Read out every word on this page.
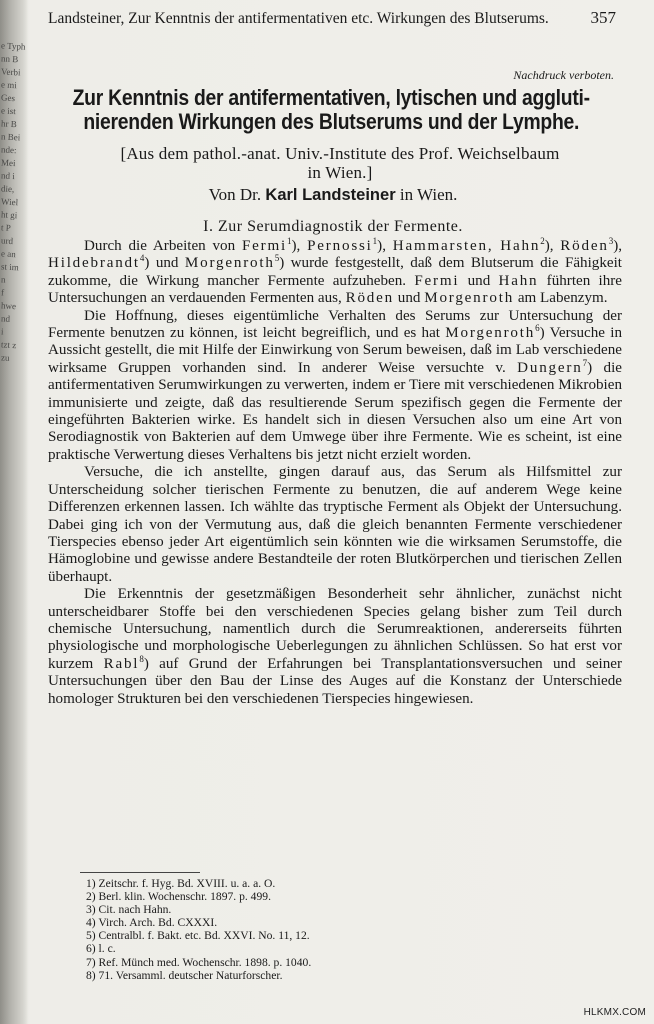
e Typh
nn B
Verbi
e mi
Ges
e ist
hr B
n Bei
nde:
Mei
nd i
die,
Wiel
ht gi
t P
urd
e an
st im
n
f
hwe
nd
i
tzt z
zu
Landsteiner, Zur Kenntnis der antifermentativen etc. Wirkungen des Blutserums. 357
Nachdruck verboten.
Zur Kenntnis der antifermentativen, lytischen und aggluti-
nierenden Wirkungen des Blutserums und der Lymphe.
[Aus dem pathol.-anat. Univ.-Institute des Prof. Weichselbaum
in Wien.]
Von Dr. Karl Landsteiner in Wien.
I. Zur Serumdiagnostik der Fermente.

Durch die Arbeiten von Fermi$^1$), Pernossi$^1$), Hammarsten, Hahn$^2$), Röden$^3$), Hildebrandt$^4$) und Morgenroth$^5$) wurde festgestellt, daß dem Blutserum die Fähigkeit zukomme, die Wirkung mancher Fermente aufzuheben. Fermi und Hahn führten ihre Untersuchungen an verdauenden Fermenten aus, Röden und Morgenroth am Labenzym.

Die Hoffnung, dieses eigentümliche Verhalten des Serums zur Untersuchung der Fermente benutzen zu können, ist leicht begreiflich, und es hat Morgenroth$^6$) Versuche in Aussicht gestellt, die mit Hilfe der Einwirkung von Serum beweisen, daß im Lab verschiedene wirksame Gruppen vorhanden sind. In anderer Weise versuchte v. Dungern$^7$) die antifermentativen Serumwirkungen zu verwerten, indem er Tiere mit verschiedenen Mikrobien immunisierte und zeigte, daß das resultierende Serum spezifisch gegen die Fermente der eingeführten Bakterien wirke. Es handelt sich in diesen Versuchen also um eine Art von Serodiagnostik von Bakterien auf dem Umwege über ihre Fermente. Wie es scheint, ist eine praktische Verwertung dieses Verhaltens bis jetzt nicht erzielt worden.

Versuche, die ich anstellte, gingen darauf aus, das Serum als Hilfsmittel zur Unterscheidung solcher tierischen Fermente zu benutzen, die auf anderem Wege keine Differenzen erkennen lassen. Ich wählte das tryptische Ferment als Objekt der Untersuchung. Dabei ging ich von der Vermutung aus, daß die gleich benannten Fermente verschiedener Tierspecies ebenso jeder Art eigentümlich sein könnten wie die wirksamen Serumstoffe, die Hämoglobine und gewisse andere Bestandteile der roten Blutkörperchen und tierischen Zellen überhaupt.

Die Erkenntnis der gesetzmäßigen Besonderheit sehr ähnlicher, zunächst nicht unterscheidbarer Stoffe bei den verschiedenen Species gelang bisher zum Teil durch chemische Untersuchung, namentlich durch die Serumreaktionen, andererseits führten physiologische und morphologische Ueberlegungen zu ähnlichen Schlüssen. So hat erst vor kurzem Rabl$^8$) auf Grund der Erfahrungen bei Transplantationsversuchen und seiner Untersuchungen über den Bau der Linse des Auges auf die Konstanz der Unterschiede homologer Strukturen bei den verschiedenen Tierspecies hingewiesen.

1) Zeitschr. f. Hyg. Bd. XVIII. u. a. a. O.
2) Berl. klin. Wochenschr. 1897. p. 499.
3) Cit. nach Hahn.
4) Virch. Arch. Bd. CXXXI.
5) Centralbl. f. Bakt. etc. Bd. XXVI. No. 11, 12.
6) l. c.
7) Ref. Münch med. Wochenschr. 1898. p. 1040.
8) 71. Versamml. deutscher Naturforscher.
HLKMX.COM
